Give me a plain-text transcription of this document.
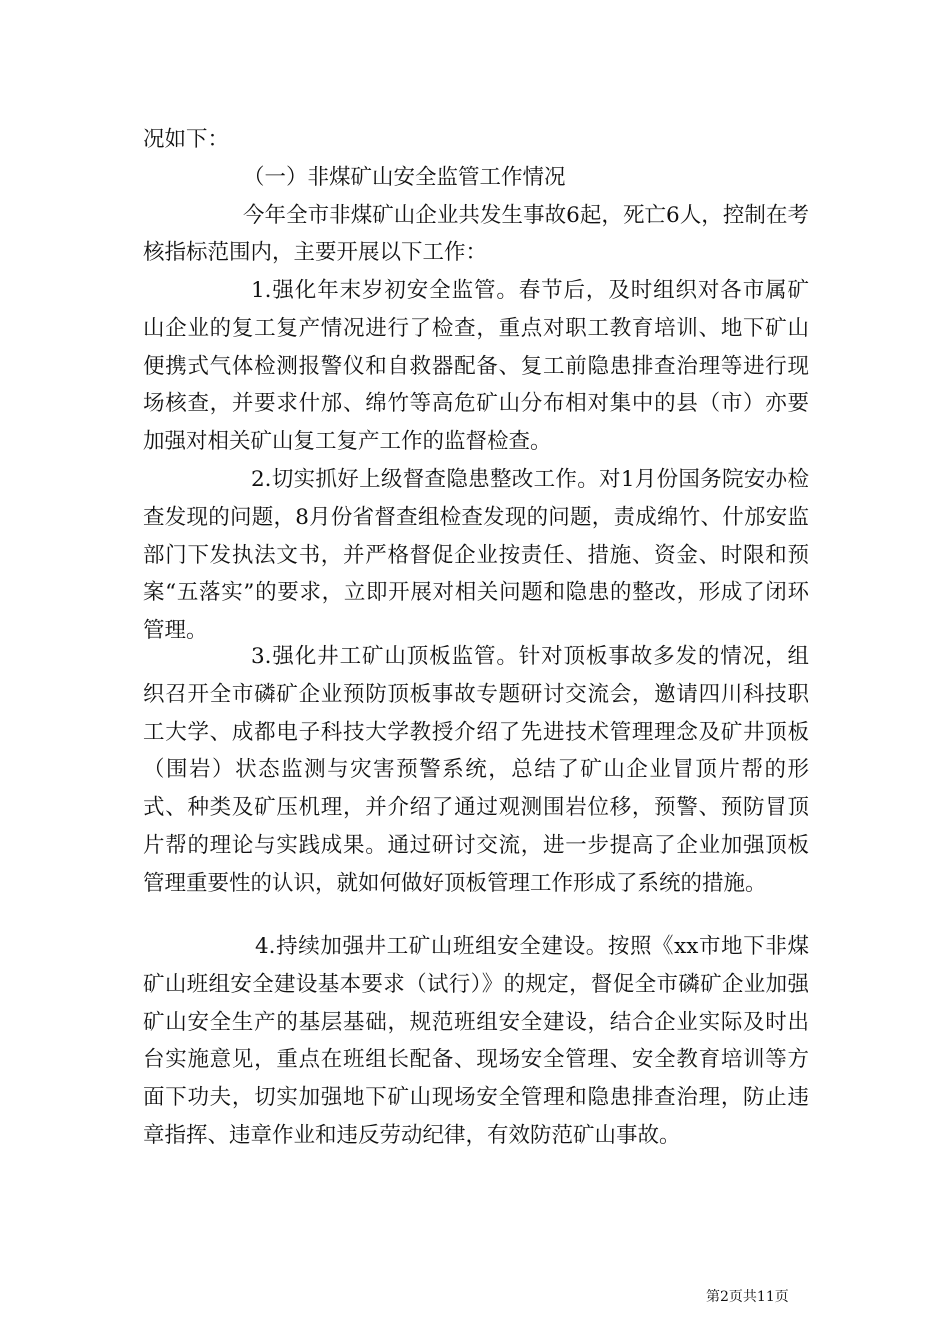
况如下：

（一）非煤矿山安全监管工作情况

今年全市非煤矿山企业共发生事故6起，死亡6人，控制在考核指标范围内，主要开展以下工作：

1.强化年末岁初安全监管。春节后，及时组织对各市属矿山企业的复工复产情况进行了检查，重点对职工教育培训、地下矿山便携式气体检测报警仪和自救器配备、复工前隐患排查治理等进行现场核查，并要求什邡、绵竹等高危矿山分布相对集中的县（市）亦要加强对相关矿山复工复产工作的监督检查。

2.切实抓好上级督查隐患整改工作。对1月份国务院安办检查发现的问题，8月份省督查组检查发现的问题，责成绵竹、什邡安监部门下发执法文书，并严格督促企业按责任、措施、资金、时限和预案“五落实”的要求，立即开展对相关问题和隐患的整改，形成了闭环管理。

3.强化井工矿山顶板监管。针对顶板事故多发的情况，组织召开全市磷矿企业预防顶板事故专题研讨交流会，邀请四川科技职工大学、成都电子科技大学教授介绍了先进技术管理理念及矿井顶板（围岩）状态监测与灾害预警系统，总结了矿山企业冒顶片帮的形式、种类及矿压机理，并介绍了通过观测围岩位移，预警、预防冒顶片帮的理论与实践成果。通过研讨交流，进一步提高了企业加强顶板管理重要性的认识，就如何做好顶板管理工作形成了系统的措施。

4.持续加强井工矿山班组安全建设。按照《xx市地下非煤矿山班组安全建设基本要求（试行）》的规定，督促全市磷矿企业加强矿山安全生产的基层基础，规范班组安全建设，结合企业实际及时出台实施意见，重点在班组长配备、现场安全管理、安全教育培训等方面下功夫，切实加强地下矿山现场安全管理和隐患排查治理，防止违章指挥、违章作业和违反劳动纪律，有效防范矿山事故。

第2页共11页
